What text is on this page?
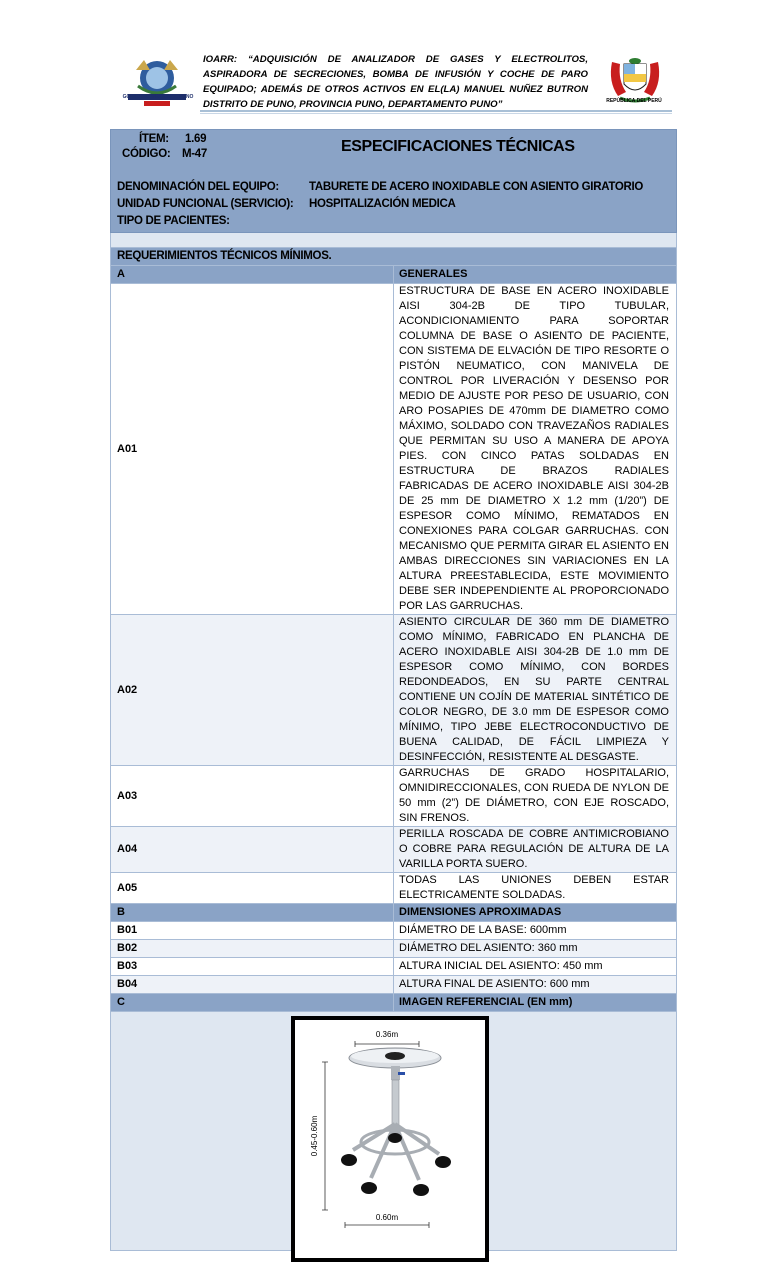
GOBIERNO REGIONAL PUNO
IOARR: “ADQUISICIÓN DE ANALIZADOR DE GASES Y ELECTROLITOS, ASPIRADORA DE SECRECIONES, BOMBA DE INFUSIÓN Y COCHE DE PARO EQUIPADO; ADEMÁS DE OTROS ACTIVOS EN EL(LA) MANUEL NUÑEZ BUTRON DISTRITO DE PUNO, PROVINCIA PUNO, DEPARTAMENTO PUNO”	REPÚBLICA DEL PERÚ
ÍTEM: 1.69
CÓDIGO: M-47	ESPECIFICACIONES TÉCNICAS
DENOMINACIÓN DEL EQUIPO:	TABURETE DE ACERO INOXIDABLE CON ASIENTO GIRATORIO
UNIDAD FUNCIONAL (SERVICIO): HOSPITALIZACIÓN MEDICA
TIPO DE PACIENTES:
REQUERIMIENTOS TÉCNICOS MÍNIMOS.	
A	GENERALES
A01	ESTRUCTURA DE BASE EN ACERO INOXIDABLE AISI 304-2B DE TIPO TUBULAR, ACONDICIONAMIENTO PARA SOPORTAR COLUMNA DE BASE O ASIENTO DE PACIENTE, CON SISTEMA DE ELVACIÓN DE TIPO RESORTE O PISTÓN NEUMATICO, CON MANIVELA DE CONTROL POR LIVERACIÓN Y DESENSO POR MEDIO DE AJUSTE POR PESO DE USUARIO, CON ARO POSAPIES DE 470mm DE DIAMETRO COMO MÁXIMO, SOLDADO CON TRAVEZAÑOS RADIALES QUE PERMITAN SU USO A MANERA DE APOYA PIES. CON CINCO PATAS SOLDADAS EN ESTRUCTURA DE BRAZOS RADIALES FABRICADAS DE ACERO INOXIDABLE AISI 304-2B DE 25 mm DE DIAMETRO X 1.2 mm (1/20”) DE ESPESOR COMO MÍNIMO, REMATADOS EN CONEXIONES PARA COLGAR GARRUCHAS. CON MECANISMO QUE PERMITA GIRAR EL ASIENTO EN AMBAS DIRECCIONES SIN VARIACIONES EN LA ALTURA PREESTABLECIDA, ESTE MOVIMIENTO DEBE SER INDEPENDIENTE AL PROPORCIONADO POR LAS GARRUCHAS.
A02	ASIENTO CIRCULAR DE 360 mm DE DIAMETRO COMO MÍNIMO, FABRICADO EN PLANCHA DE ACERO INOXIDABLE AISI 304-2B DE 1.0 mm DE ESPESOR COMO MÍNIMO, CON BORDES REDONDEADOS, EN SU PARTE CENTRAL CONTIENE UN COJÍN DE MATERIAL SINTÉTICO DE COLOR NEGRO, DE 3.0 mm DE ESPESOR COMO MÍNIMO, TIPO JEBE ELECTROCONDUCTIVO DE BUENA CALIDAD, DE FÁCIL LIMPIEZA Y DESINFECCIÓN, RESISTENTE AL DESGASTE.
A03	GARRUCHAS DE GRADO HOSPITALARIO, OMNIDIRECCIONALES, CON RUEDA DE NYLON DE 50 mm (2”) DE DIÁMETRO, CON EJE ROSCADO, SIN FRENOS.
A04	PERILLA ROSCADA DE COBRE ANTIMICROBIANO O COBRE PARA REGULACIÓN DE ALTURA DE LA VARILLA PORTA SUERO.
A05	TODAS LAS UNIONES DEBEN ESTAR ELECTRICAMENTE SOLDADAS.
B	DIMENSIONES APROXIMADAS
B01	DIÁMETRO DE LA BASE: 600mm
B02	DIÁMETRO DEL ASIENTO: 360 mm
B03	ALTURA INICIAL DEL ASIENTO: 450 mm
B04	ALTURA FINAL DE ASIENTO: 600 mm
C	IMAGEN REFERENCIAL (EN mm)

0.36m
0.45-0.60m
0.60m	
